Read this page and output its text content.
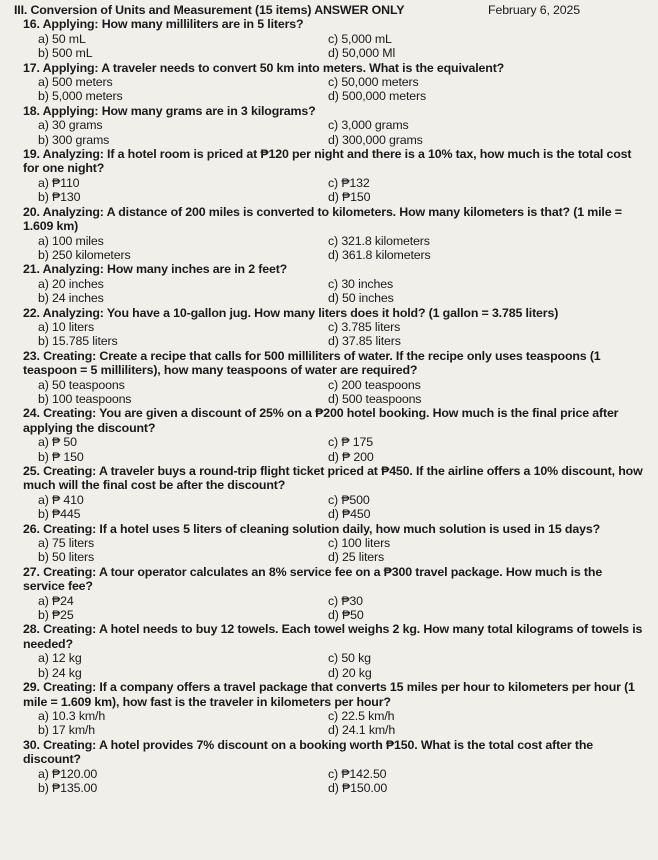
III. Conversion of Units and Measurement (15 items) ANSWER ONLY	February 6, 2025
16. Applying: How many milliliters are in 5 liters?
a) 50 mL	c) 5,000 mL
b) 500 mL	d) 50,000 Ml
17. Applying: A traveler needs to convert 50 km into meters. What is the equivalent?
a) 500 meters	c) 50,000 meters
b) 5,000 meters	d) 500,000 meters
18. Applying: How many grams are in 3 kilograms?
a) 30 grams	c) 3,000 grams
b) 300 grams	d) 300,000 grams
19. Analyzing: If a hotel room is priced at ₱120 per night and there is a 10% tax, how much is the total cost for one night?
a) ₱110	c) ₱132
b) ₱130	d) ₱150
20. Analyzing: A distance of 200 miles is converted to kilometers. How many kilometers is that? (1 mile = 1.609 km)
a) 100 miles	c) 321.8 kilometers
b) 250 kilometers	d) 361.8 kilometers
21. Analyzing: How many inches are in 2 feet?
a) 20 inches	c) 30 inches
b) 24 inches	d) 50 inches
22. Analyzing: You have a 10-gallon jug. How many liters does it hold? (1 gallon = 3.785 liters)
a) 10 liters	c) 3.785 liters
b) 15.785 liters	d) 37.85 liters
23. Creating: Create a recipe that calls for 500 milliliters of water. If the recipe only uses teaspoons (1 teaspoon = 5 milliliters), how many teaspoons of water are required?
a) 50 teaspoons	c) 200 teaspoons
b) 100 teaspoons	d) 500 teaspoons
24. Creating: You are given a discount of 25% on a ₱200 hotel booking. How much is the final price after applying the discount?
a) ₱ 50	c) ₱ 175
b) ₱ 150	d) ₱ 200
25. Creating: A traveler buys a round-trip flight ticket priced at ₱450. If the airline offers a 10% discount, how much will the final cost be after the discount?
a) ₱ 410	c) ₱500
b) ₱445	d) ₱450
26. Creating: If a hotel uses 5 liters of cleaning solution daily, how much solution is used in 15 days?
a) 75 liters	c) 100 liters
b) 50 liters	d) 25 liters
27. Creating: A tour operator calculates an 8% service fee on a ₱300 travel package. How much is the service fee?
a) ₱24	c) ₱30
b) ₱25	d) ₱50
28. Creating: A hotel needs to buy 12 towels. Each towel weighs 2 kg. How many total kilograms of towels is needed?
a) 12 kg	c) 50 kg
b) 24 kg	d) 20 kg
29. Creating: If a company offers a travel package that converts 15 miles per hour to kilometers per hour (1 mile = 1.609 km), how fast is the traveler in kilometers per hour?
a) 10.3 km/h	c) 22.5 km/h
b) 17 km/h	d) 24.1 km/h
30. Creating: A hotel provides 7% discount on a booking worth ₱150. What is the total cost after the discount?
a) ₱120.00	c) ₱142.50
b) ₱135.00	d) ₱150.00
